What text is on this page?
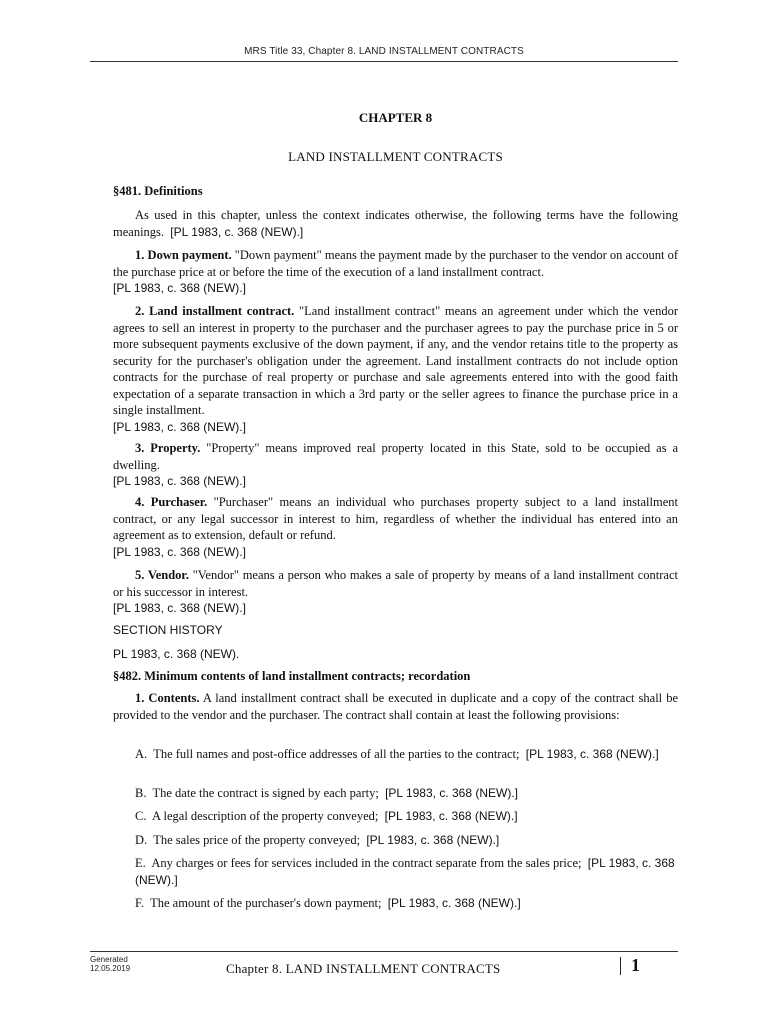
MRS Title 33, Chapter 8. LAND INSTALLMENT CONTRACTS
CHAPTER 8
LAND INSTALLMENT CONTRACTS
§481. Definitions
As used in this chapter, unless the context indicates otherwise, the following terms have the following meanings. [PL 1983, c. 368 (NEW).]
1. Down payment. "Down payment" means the payment made by the purchaser to the vendor on account of the purchase price at or before the time of the execution of a land installment contract.
[PL 1983, c. 368 (NEW).]
2. Land installment contract. "Land installment contract" means an agreement under which the vendor agrees to sell an interest in property to the purchaser and the purchaser agrees to pay the purchase price in 5 or more subsequent payments exclusive of the down payment, if any, and the vendor retains title to the property as security for the purchaser's obligation under the agreement. Land installment contracts do not include option contracts for the purchase of real property or purchase and sale agreements entered into with the good faith expectation of a separate transaction in which a 3rd party or the seller agrees to finance the purchase price in a single installment.
[PL 1983, c. 368 (NEW).]
3. Property. "Property" means improved real property located in this State, sold to be occupied as a dwelling.
[PL 1983, c. 368 (NEW).]
4. Purchaser. "Purchaser" means an individual who purchases property subject to a land installment contract, or any legal successor in interest to him, regardless of whether the individual has entered into an agreement as to extension, default or refund.
[PL 1983, c. 368 (NEW).]
5. Vendor. "Vendor" means a person who makes a sale of property by means of a land installment contract or his successor in interest.
[PL 1983, c. 368 (NEW).]
SECTION HISTORY
PL 1983, c. 368 (NEW).
§482. Minimum contents of land installment contracts; recordation
1. Contents. A land installment contract shall be executed in duplicate and a copy of the contract shall be provided to the vendor and the purchaser. The contract shall contain at least the following provisions:
A. The full names and post-office addresses of all the parties to the contract; [PL 1983, c. 368 (NEW).]
B. The date the contract is signed by each party; [PL 1983, c. 368 (NEW).]
C. A legal description of the property conveyed; [PL 1983, c. 368 (NEW).]
D. The sales price of the property conveyed; [PL 1983, c. 368 (NEW).]
E. Any charges or fees for services included in the contract separate from the sales price; [PL 1983, c. 368 (NEW).]
F. The amount of the purchaser's down payment; [PL 1983, c. 368 (NEW).]
Generated
12.05.2019	Chapter 8. LAND INSTALLMENT CONTRACTS	1
